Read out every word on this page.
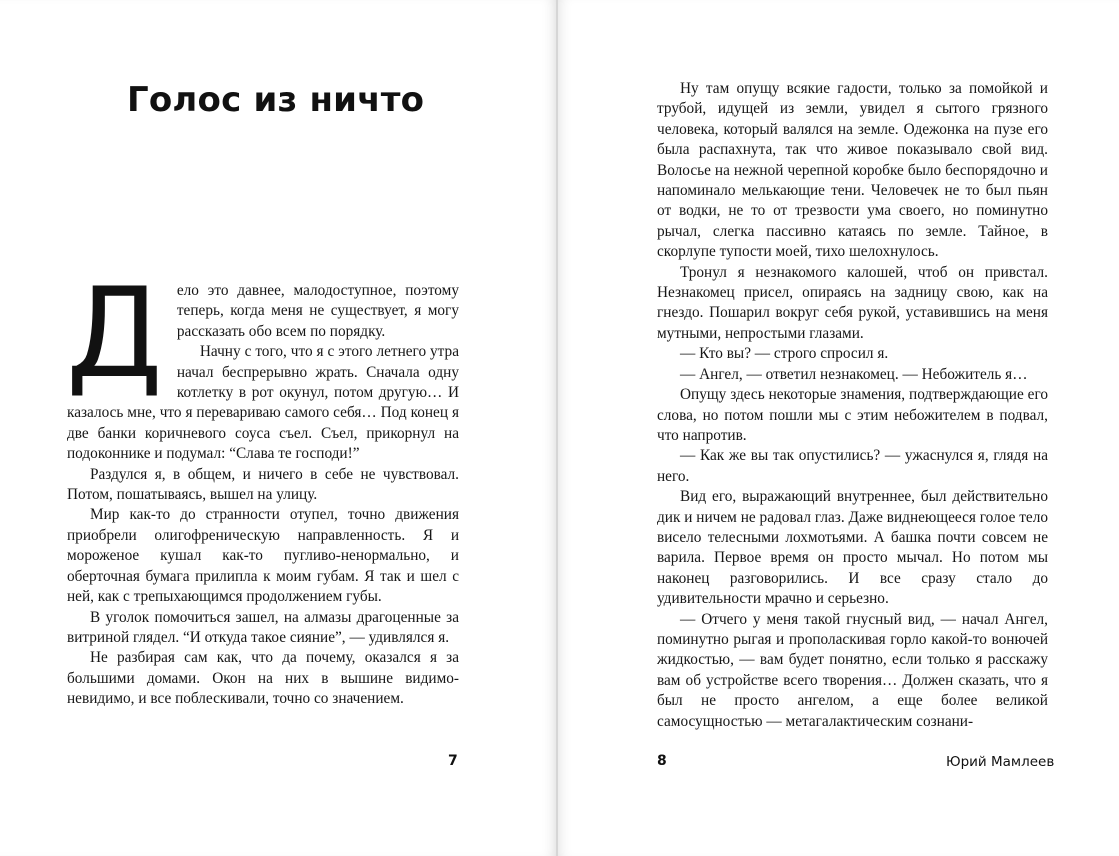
Голос из ничто

Дело это давнее, малодоступное, поэтому теперь, когда меня не существует, я могу рассказать обо всем по порядку.

Начну с того, что я с этого летнего утра начал беспрерывно жрать. Сначала одну котлетку в рот окунул, потом другую… И казалось мне, что я перевариваю самого себя… Под конец я две банки коричневого соуса съел. Съел, прикорнул на подоконнике и подумал: “Слава те господи!”

Раздулся я, в общем, и ничего в себе не чувствовал. Потом, пошатываясь, вышел на улицу.

Мир как-то до странности отупел, точно движения приобрели олигофреническую направленность. Я и мороженое кушал как-то пугливо-ненормально, и оберточная бумага прилипла к моим губам. Я так и шел с ней, как с трепыхающимся продолжением губы.

В уголок помочиться зашел, на алмазы драгоценные за витриной глядел. “И откуда такое сияние”, — удивлялся я.

Не разбирая сам как, что да почему, оказался я за большими домами. Окон на них в вышине видимо-невидимо, и все поблескивали, точно со значением.

7

Ну там опущу всякие гадости, только за помойкой и трубой, идущей из земли, увидел я сытого грязного человека, который валялся на земле. Одежонка на пузе его была распахнута, так что живое показывало свой вид. Волосье на нежной черепной коробке было беспорядочно и напоминало мелькающие тени. Человечек не то был пьян от водки, не то от трезвости ума своего, но поминутно рычал, слегка пассивно катаясь по земле. Тайное, в скорлупе тупости моей, тихо шелохнулось.

Тронул я незнакомого калошей, чтоб он привстал. Незнакомец присел, опираясь на задницу свою, как на гнездо. Пошарил вокруг себя рукой, уставившись на меня мутными, непростыми глазами.

— Кто вы? — строго спросил я.

— Ангел, — ответил незнакомец. — Небожитель я…

Опущу здесь некоторые знамения, подтверждающие его слова, но потом пошли мы с этим небожителем в подвал, что напротив.

— Как же вы так опустились? — ужаснулся я, глядя на него.

Вид его, выражающий внутреннее, был действительно дик и ничем не радовал глаз. Даже виднеющееся голое тело висело телесными лохмотьями. А башка почти совсем не варила. Первое время он просто мычал. Но потом мы наконец разговорились. И все сразу стало до удивительности мрачно и серьезно.

— Отчего у меня такой гнусный вид, — начал Ангел, поминутно рыгая и прополаскивая горло какой-то вонючей жидкостью, — вам будет понятно, если только я расскажу вам об устройстве всего творения… Должен сказать, что я был не просто ангелом, а еще более великой самосущностью — метагалактическим сознани-

8	Юрий Мамлеев
